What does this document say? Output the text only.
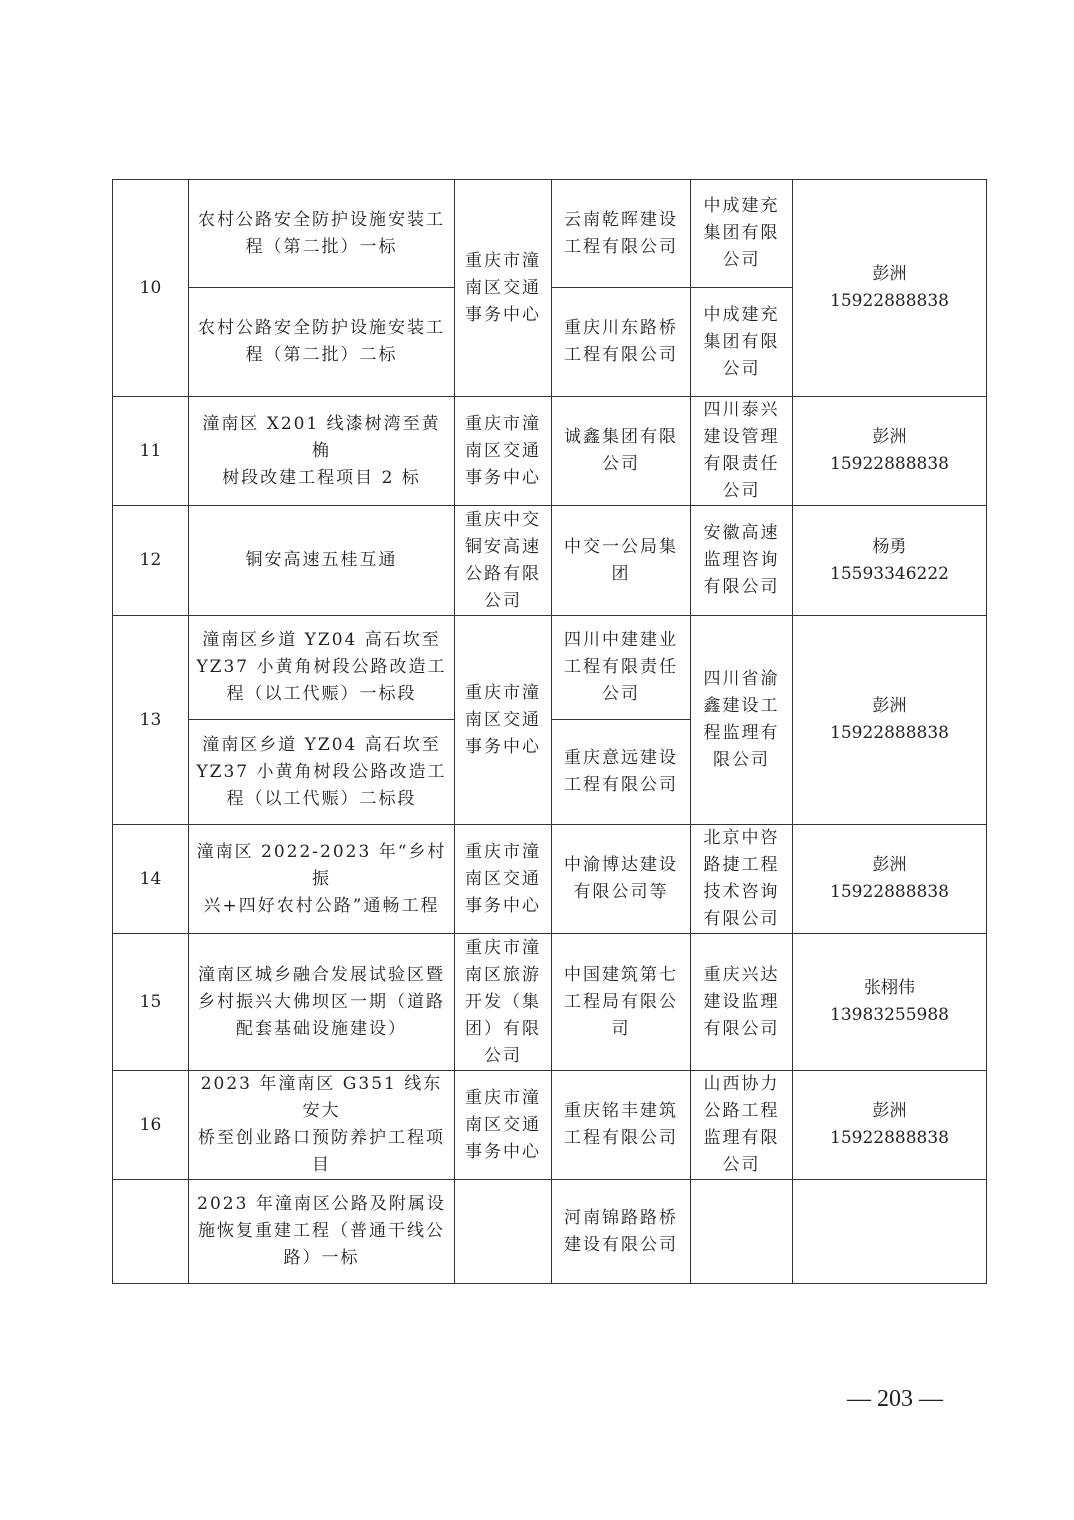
10	农村公路安全防护设施安装工
程（第二批）一标	重庆市潼
南区交通
事务中心	云南乾晖建设
工程有限公司	中成建充
集团有限
公司	彭洲
15922888838
	农村公路安全防护设施安装工
程（第二批）二标		重庆川东路桥
工程有限公司	中成建充
集团有限
公司	
11	潼南区 X201 线漆树湾至黄桷
树段改建工程项目 2 标	重庆市潼
南区交通
事务中心	诚鑫集团有限
公司	四川泰兴
建设管理
有限责任
公司	彭洲
15922888838
12	铜安高速五桂互通	重庆中交
铜安高速
公路有限
公司	中交一公局集
团	安徽高速
监理咨询
有限公司	杨勇
15593346222
13	潼南区乡道 YZ04 高石坎至
YZ37 小黄角树段公路改造工
程（以工代赈）一标段	重庆市潼
南区交通
事务中心	四川中建建业
工程有限责任
公司	四川省渝
鑫建设工
程监理有
限公司	彭洲
15922888838
	潼南区乡道 YZ04 高石坎至
YZ37 小黄角树段公路改造工
程（以工代赈）二标段		重庆意远建设
工程有限公司		
14	潼南区 2022-2023 年“乡村振
兴+四好农村公路”通畅工程	重庆市潼
南区交通
事务中心	中渝博达建设
有限公司等	北京中咨
路捷工程
技术咨询
有限公司	彭洲
15922888838
15	潼南区城乡融合发展试验区暨
乡村振兴大佛坝区一期（道路
配套基础设施建设）	重庆市潼
南区旅游
开发（集
团）有限
公司	中国建筑第七
工程局有限公
司	重庆兴达
建设监理
有限公司	张栩伟
13983255988
16	2023 年潼南区 G351 线东安大
桥至创业路口预防养护工程项
目	重庆市潼
南区交通
事务中心	重庆铭丰建筑
工程有限公司	山西协力
公路工程
监理有限
公司	彭洲
15922888838
	2023 年潼南区公路及附属设
施恢复重建工程（普通干线公
路）一标		河南锦路路桥
建设有限公司		
— 203 —
